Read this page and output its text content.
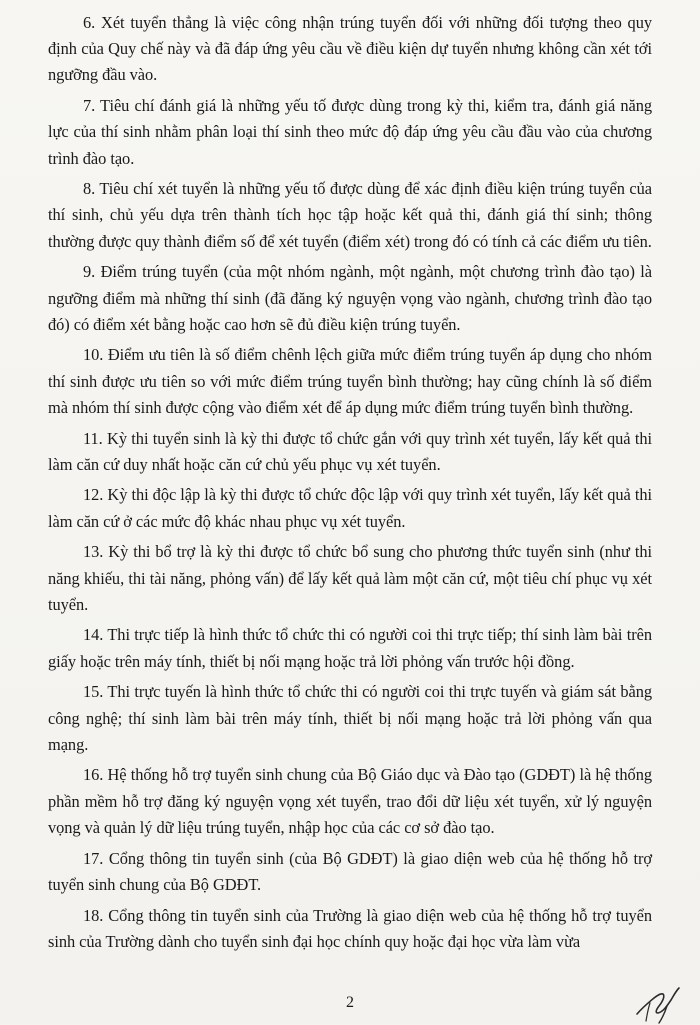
6. Xét tuyển thẳng là việc công nhận trúng tuyển đối với những đối tượng theo quy định của Quy chế này và đã đáp ứng yêu cầu về điều kiện dự tuyển nhưng không cần xét tới ngưỡng đầu vào.

7. Tiêu chí đánh giá là những yếu tố được dùng trong kỳ thi, kiểm tra, đánh giá năng lực của thí sinh nhằm phân loại thí sinh theo mức độ đáp ứng yêu cầu đầu vào của chương trình đào tạo.

8. Tiêu chí xét tuyển là những yếu tố được dùng để xác định điều kiện trúng tuyển của thí sinh, chủ yếu dựa trên thành tích học tập hoặc kết quả thi, đánh giá thí sinh; thông thường được quy thành điểm số để xét tuyển (điểm xét) trong đó có tính cả các điểm ưu tiên.

9. Điểm trúng tuyển (của một nhóm ngành, một ngành, một chương trình đào tạo) là ngưỡng điểm mà những thí sinh (đã đăng ký nguyện vọng vào ngành, chương trình đào tạo đó) có điểm xét bằng hoặc cao hơn sẽ đủ điều kiện trúng tuyển.

10. Điểm ưu tiên là số điểm chênh lệch giữa mức điểm trúng tuyển áp dụng cho nhóm thí sinh được ưu tiên so với mức điểm trúng tuyển bình thường; hay cũng chính là số điểm mà nhóm thí sinh được cộng vào điểm xét để áp dụng mức điểm trúng tuyển bình thường.

11. Kỳ thi tuyển sinh là kỳ thi được tổ chức gắn với quy trình xét tuyển, lấy kết quả thi làm căn cứ duy nhất hoặc căn cứ chủ yếu phục vụ xét tuyển.

12. Kỳ thi độc lập là kỳ thi được tổ chức độc lập với quy trình xét tuyển, lấy kết quả thi làm căn cứ ở các mức độ khác nhau phục vụ xét tuyển.

13. Kỳ thi bổ trợ là kỳ thi được tổ chức bổ sung cho phương thức tuyển sinh (như thi năng khiếu, thi tài năng, phỏng vấn) để lấy kết quả làm một căn cứ, một tiêu chí phục vụ xét tuyển.

14. Thi trực tiếp là hình thức tổ chức thi có người coi thi trực tiếp; thí sinh làm bài trên giấy hoặc trên máy tính, thiết bị nối mạng hoặc trả lời phỏng vấn trước hội đồng.

15. Thi trực tuyến là hình thức tổ chức thi có người coi thi trực tuyến và giám sát bằng công nghệ; thí sinh làm bài trên máy tính, thiết bị nối mạng hoặc trả lời phỏng vấn qua mạng.

16. Hệ thống hỗ trợ tuyển sinh chung của Bộ Giáo dục và Đào tạo (GDĐT) là hệ thống phần mềm hỗ trợ đăng ký nguyện vọng xét tuyển, trao đổi dữ liệu xét tuyển, xử lý nguyện vọng và quản lý dữ liệu trúng tuyển, nhập học của các cơ sở đào tạo.

17. Cổng thông tin tuyển sinh (của Bộ GDĐT) là giao diện web của hệ thống hỗ trợ tuyển sinh chung của Bộ GDĐT.

18. Cổng thông tin tuyển sinh của Trường là giao diện web của hệ thống hỗ trợ tuyển sinh của Trường dành cho tuyển sinh đại học chính quy hoặc đại học vừa làm vừa

2
